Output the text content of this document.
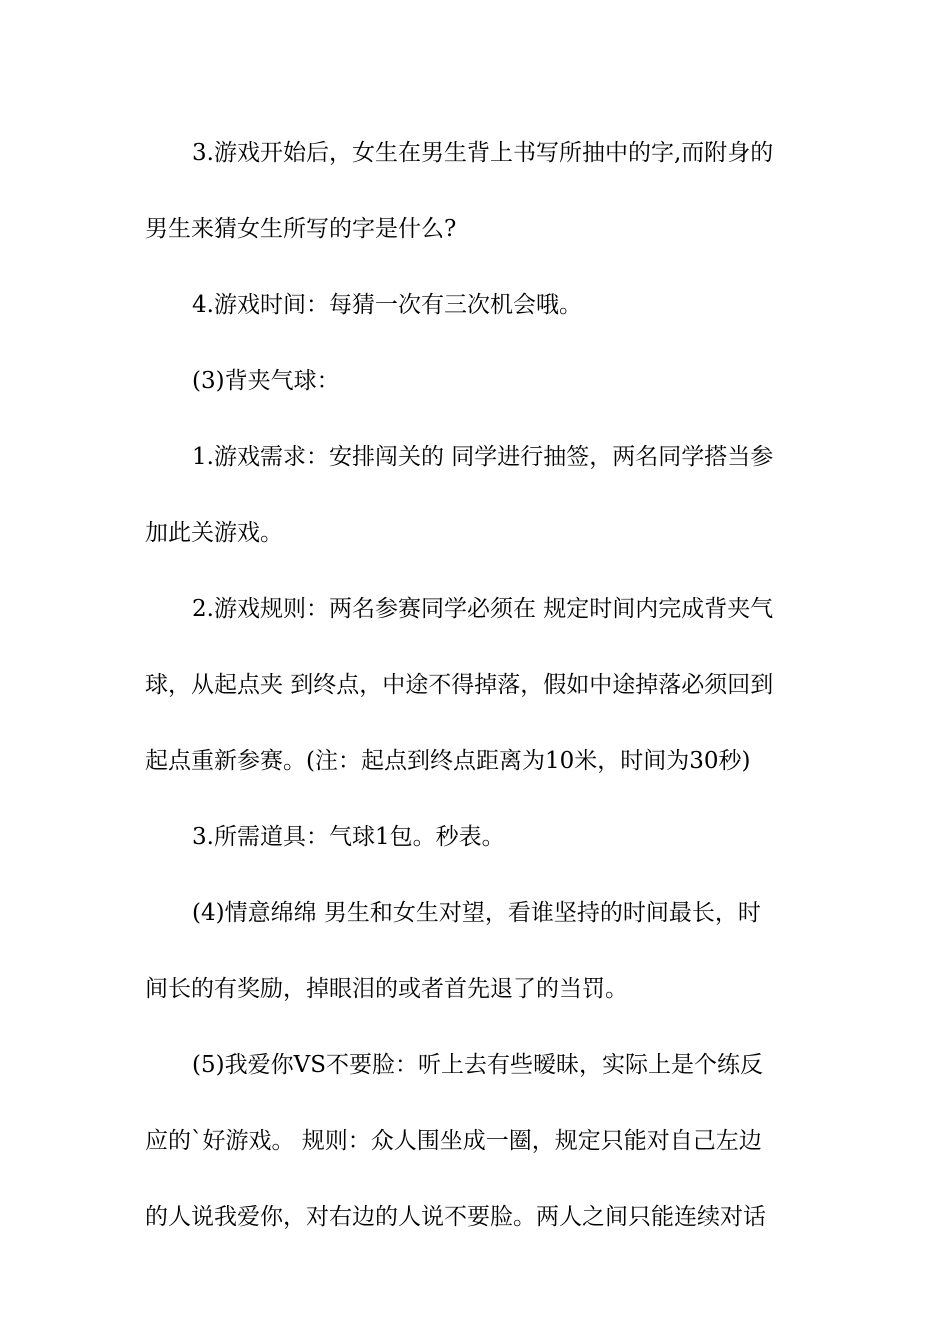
3.游戏开始后，女生在男生背上书写所抽中的字,而附身的
男生来猜女生所写的字是什么?
4.游戏时间：每猜一次有三次机会哦。
(3)背夹气球：
1.游戏需求：安排闯关的 同学进行抽签，两名同学搭当参
加此关游戏。
2.游戏规则：两名参赛同学必须在 规定时间内完成背夹气
球，从起点夹 到终点，中途不得掉落，假如中途掉落必须回到
起点重新参赛。(注：起点到终点距离为10米，时间为30秒)
3.所需道具：气球1包。秒表。
(4)情意绵绵 男生和女生对望，看谁坚持的时间最长，时
间长的有奖励，掉眼泪的或者首先退了的当罚。
(5)我爱你VS不要脸：听上去有些暧昧，实际上是个练反
应的`好游戏。 规则：众人围坐成一圈，规定只能对自己左边
的人说我爱你，对右边的人说不要脸。两人之间只能连续对话
